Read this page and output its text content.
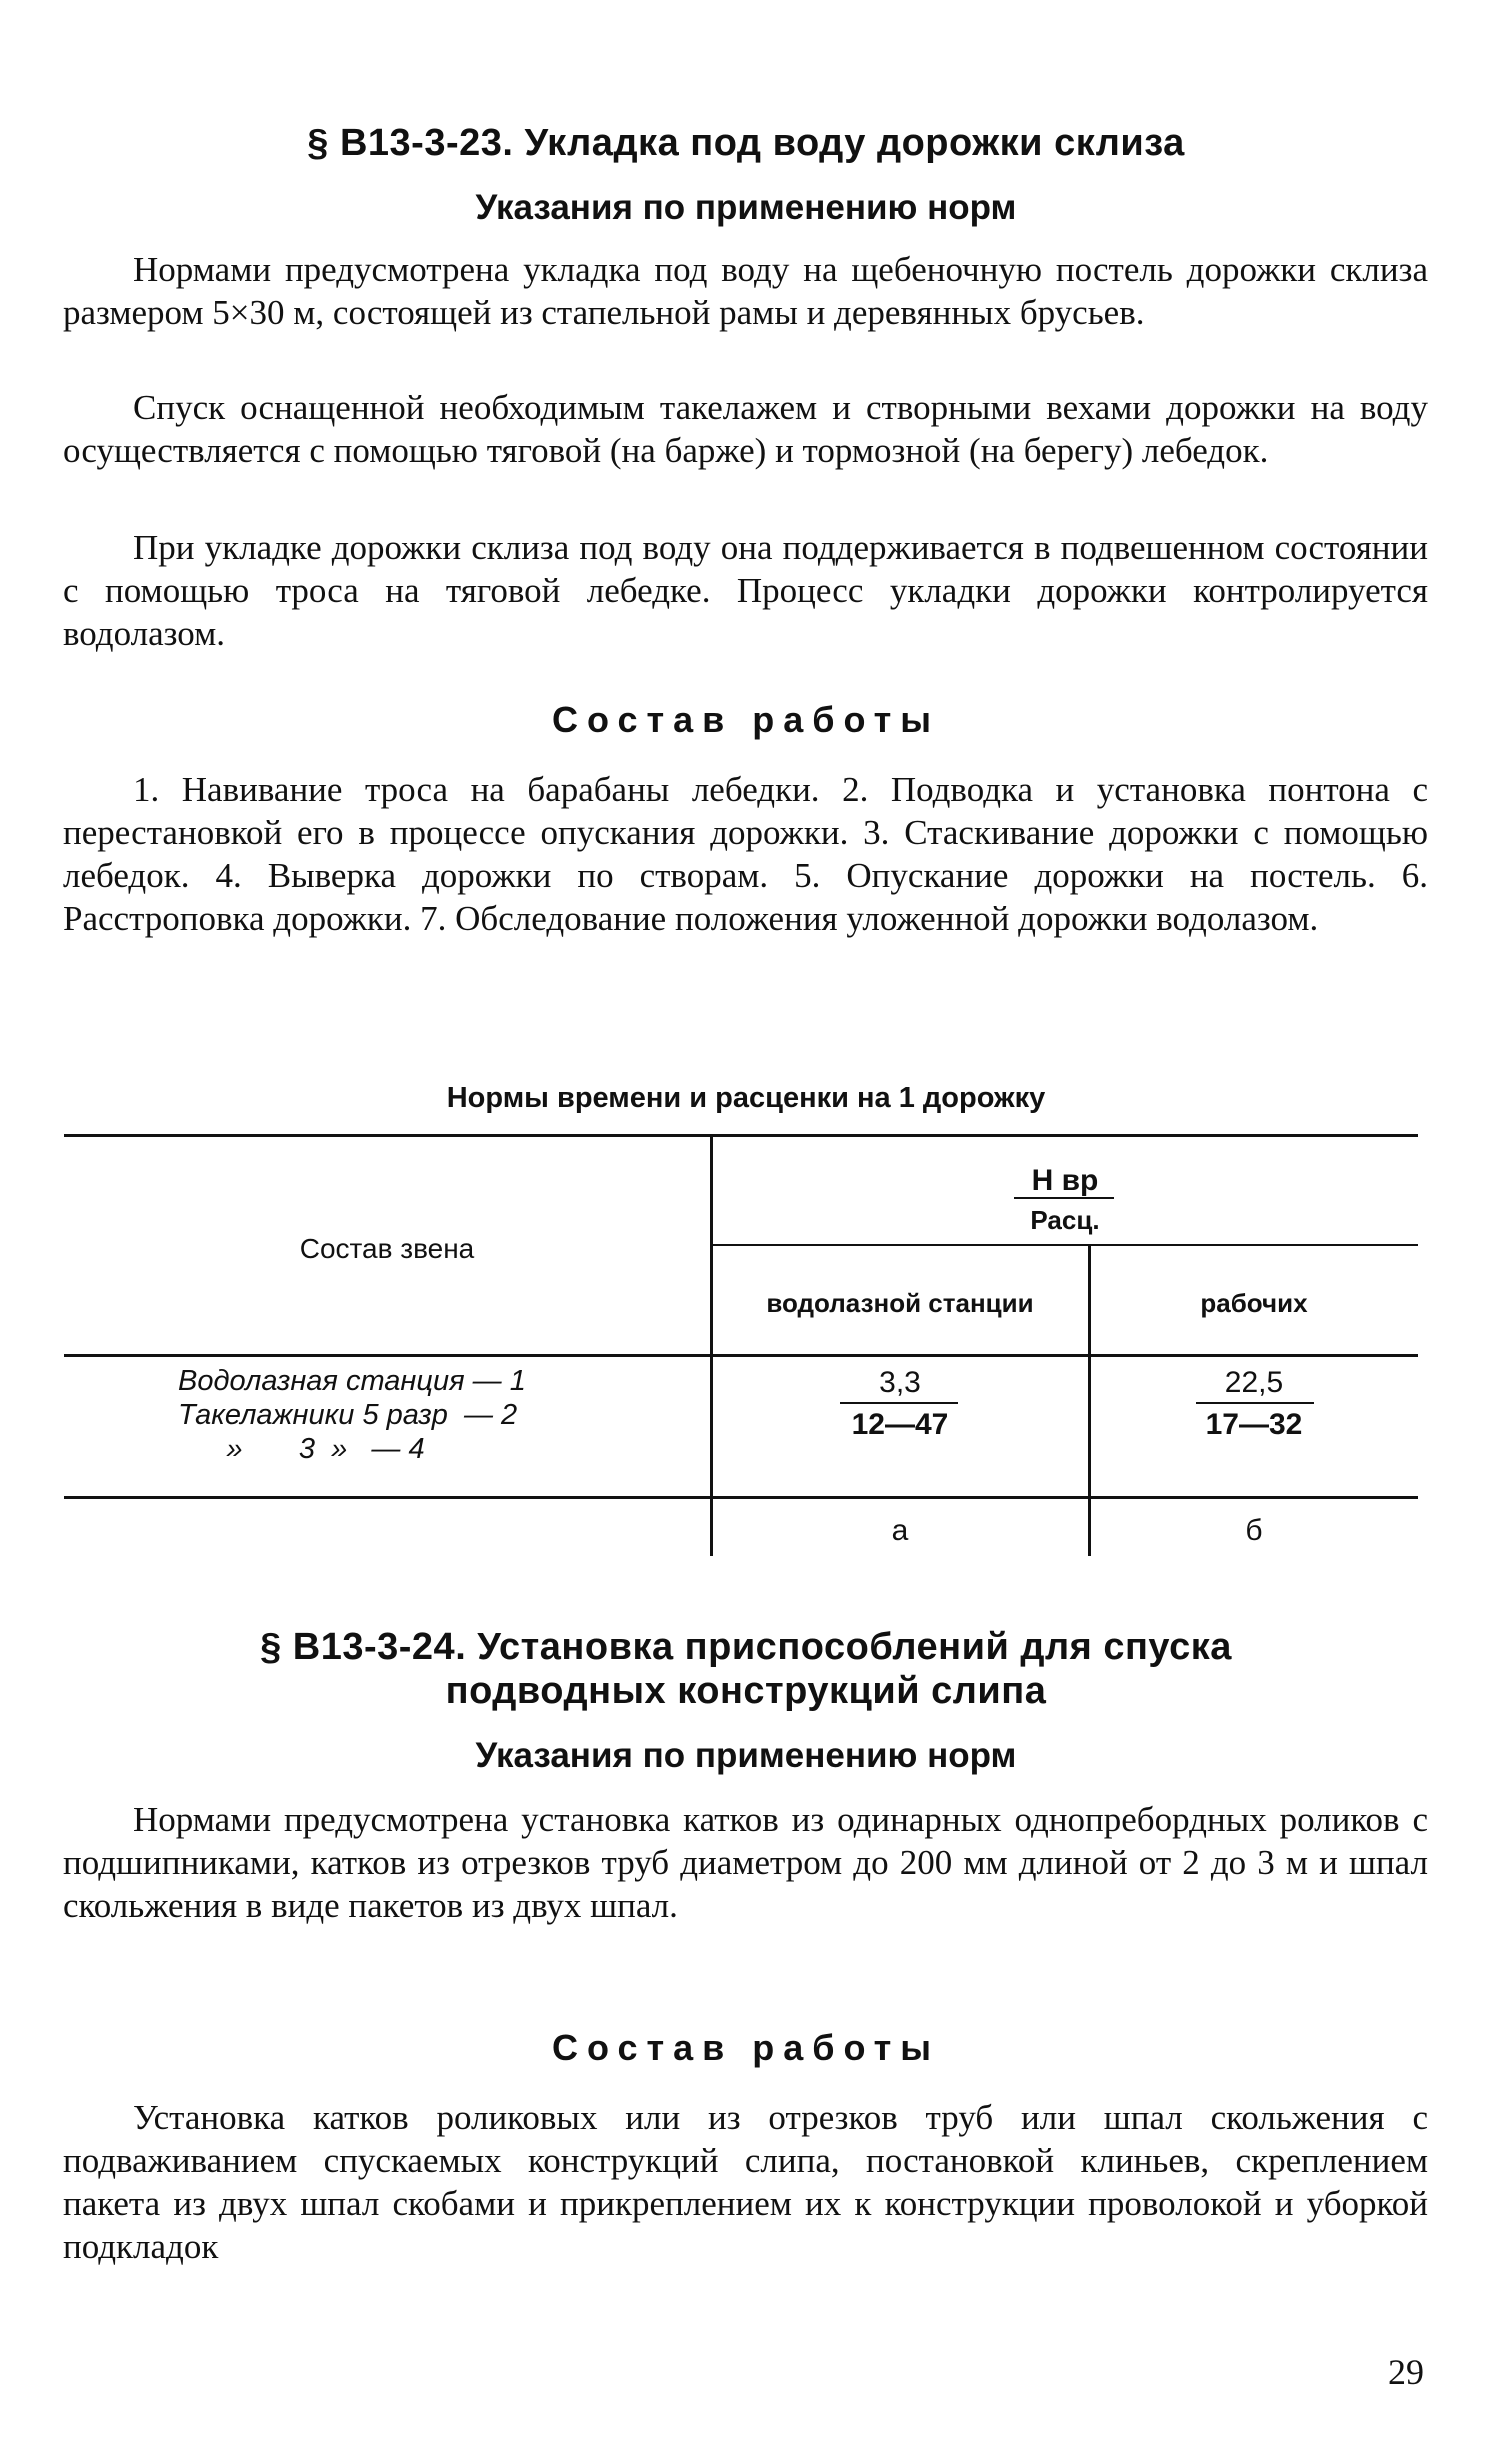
§ В13-3-23. Укладка под воду дорожки склиза
Указания по применению норм
Нормами предусмотрена укладка под воду на щебеночную постель дорожки склиза размером 5×30 м, состоящей из стапельной рамы и деревянных брусьев.
Спуск оснащенной необходимым такелажем и створными вехами дорожки на воду осуществляется с помощью тяговой (на барже) и тормозной (на берегу) лебедок.
При укладке дорожки склиза под воду она поддерживается в подвешенном состоянии с помощью троса на тяговой лебедке. Процесс укладки дорожки контролируется водолазом.
Состав работы
1. Навивание троса на барабаны лебедки. 2. Подводка и установка понтона с перестановкой его в процессе опускания дорожки. 3. Стаскивание дорожки с помощью лебедок. 4. Выверка дорожки по створам. 5. Опускание дорожки на постель. 6. Расстроповка дорожки. 7. Обследование положения уложенной дорожки водолазом.
Нормы времени и расценки на 1 дорожку
Состав звена
Н вр
Расц.
водолазной станции	рабочих
Водолазная станция — 1
Такелажники 5 разр  — 2
»       3  »   — 4
3,3
12—47
22,5
17—32
а	б
§ В13-3-24. Установка приспособлений для спуска
подводных конструкций слипа
Указания по применению норм
Нормами предусмотрена установка катков из одинарных однопребордных роликов с подшипниками, катков из отрезков труб диаметром до 200 мм длиной от 2 до 3 м и шпал скольжения в виде пакетов из двух шпал.
Состав работы
Установка катков роликовых или из отрезков труб или шпал скольжения с подваживанием спускаемых конструкций слипа, постановкой клиньев, скреплением пакета из двух шпал скобами и прикреплением их к конструкции проволокой и уборкой подкладок
29
